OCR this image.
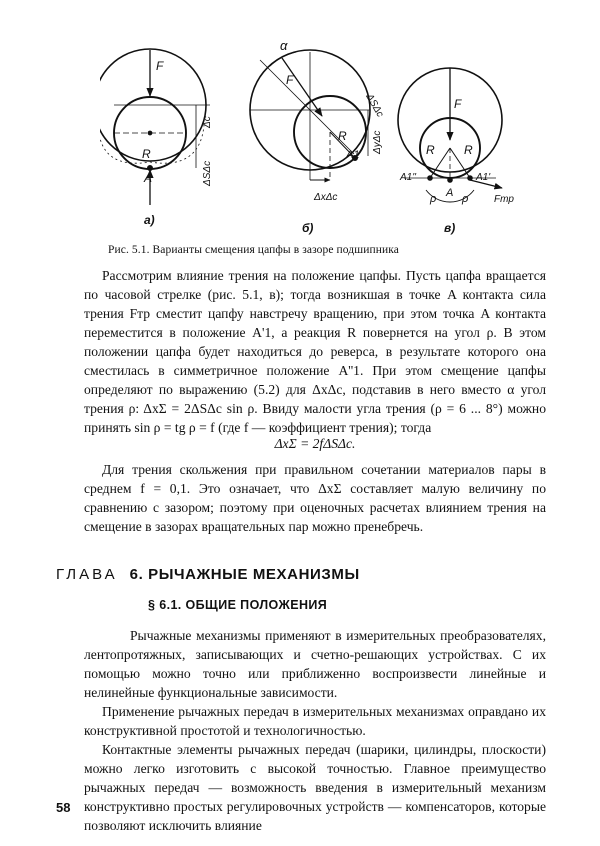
F
R
A
Δc
ΔSΔc
а)
α
F
R
A1
ΔSΔc
ΔyΔc
ΔxΔc
б)
F
R R
A1''	A1'
A
ρ ρ	Fтр
в)
Рис. 5.1. Варианты смещения цапфы в зазоре подшипника

Рассмотрим влияние трения на положение цапфы. Пусть цапфа вращается по часовой стрелке (рис. 5.1, в); тогда возникшая в точке A контакта сила трения Fтр сместит цапфу навстречу вращению, при этом точка A контакта переместится в положение A'1, а реакция R повернется на угол ρ. В этом положении цапфа будет находиться до реверса, в результате которого она сместилась в симметричное положение A''1. При этом смещение цапфы определяют по выражению (5.2) для ΔxΔc, подставив в него вместо α угол трения ρ: ΔxΣ = 2ΔSΔc sin ρ. Ввиду малости угла трения (ρ = 6 ... 8°) можно принять sin ρ = tg ρ = f (где f — коэффициент трения); тогда

ΔxΣ = 2fΔSΔc.

Для трения скольжения при правильном сочетании материалов пары в среднем f = 0,1. Это означает, что ΔxΣ составляет малую величину по сравнению с зазором; поэтому при оценочных расчетах влиянием трения на смещение в зазорах вращательных пар можно пренебречь.

ГЛАВА 6. РЫЧАЖНЫЕ МЕХАНИЗМЫ
§ 6.1. ОБЩИЕ ПОЛОЖЕНИЯ

Рычажные механизмы применяют в измерительных преобразователях, лентопротяжных, записывающих и счетно-решающих устройствах. С их помощью можно точно или приближенно воспроизвести линейные и нелинейные функциональные зависимости.

Применение рычажных передач в измерительных механизмах оправдано их конструктивной простотой и технологичностью.

Контактные элементы рычажных передач (шарики, цилиндры, плоскости) можно легко изготовить с высокой точностью. Главное преимущество рычажных передач — возможность введения в измерительный механизм конструктивно простых регулировочных устройств — компенсаторов, которые позволяют исключить влияние

58
